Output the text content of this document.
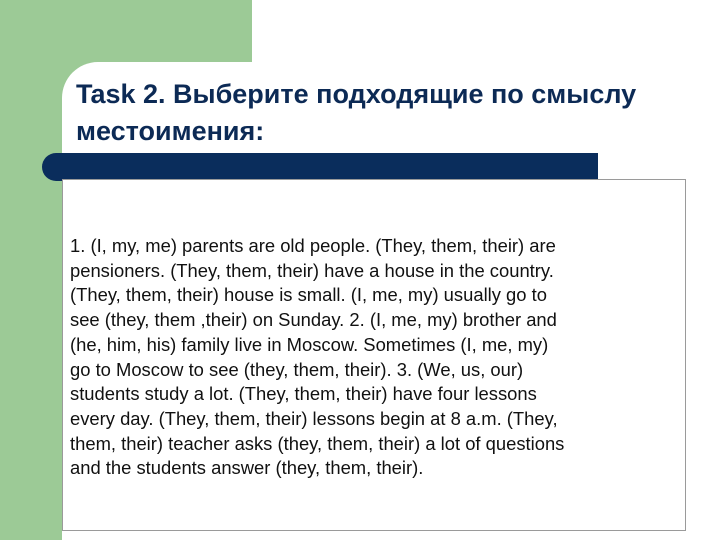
Task 2. Выберите подходящие по смыслу местоимения:

1. (I, my, me) parents are old people. (They, them, their) are
pensioners. (They, them, their) have a house in the country.
(They, them, their) house is small. (I, me, my) usually go to
see (they, them ,their) on Sunday. 2. (I, me, my) brother and
(he, him, his) family live in Moscow. Sometimes (I, me, my)
go to Moscow to see (they, them, their). 3. (We, us, our)
students study a lot. (They, them, their) have four lessons
every day. (They, them, their) lessons begin at 8 a.m. (They,
them, their) teacher asks (they, them, their) a lot of questions
and the students answer (they, them, their).
